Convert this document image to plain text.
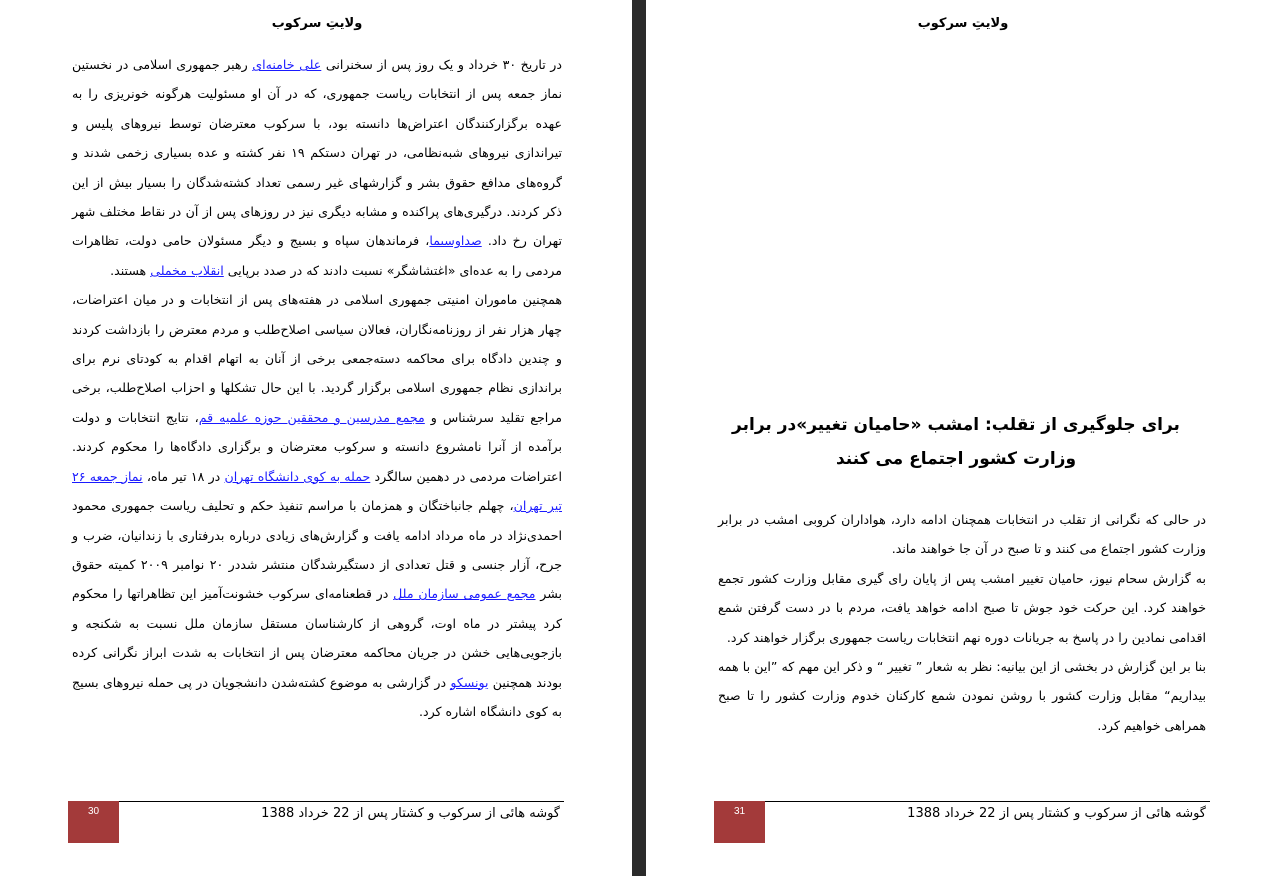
ولایتِ سرکوب

در تاریخ ۳۰ خرداد و یک روز پس از سخنرانی علی خامنه‌ای رهبر جمهوری اسلامی در نخستین نماز جمعه پس از انتخابات ریاست جمهوری، که در آن او مسئولیت هرگونه خونریزی را به عهده برگزارکنندگان اعتراض‌ها دانسته بود، با سرکوب معترضان توسط نیروهای پلیس و تیراندازی نیروهای شبه‌نظامی، در تهران دستکم ۱۹ نفر کشته و عده بسیاری زخمی شدند و گروه‌های مدافع حقوق بشر و گزارشهای غیر رسمی تعداد کشته‌شدگان را بسیار بیش از این ذکر کردند. درگیری‌های پراکنده و مشابه دیگری نیز در روزهای پس از آن در نقاط مختلف شهر تهران رخ داد. صداوسیما، فرماندهان سپاه و بسیج و دیگر مسئولان حامی دولت، تظاهرات مردمی را به عده‌ای «اغتشاشگر» نسبت دادند که در صدد برپایی انقلاب مخملی هستند.

همچنین ماموران امنیتی جمهوری اسلامی در هفته‌های پس از انتخابات و در میان اعتراضات، چهار هزار نفر از روزنامه‌نگاران، فعالان سیاسی اصلاح‌طلب و مردم معترض را بازداشت کردند و چندین دادگاه برای محاکمه دسته‌جمعی برخی از آنان به اتهام اقدام به کودتای نرم برای براندازی نظام جمهوری اسلامی برگزار گردید. با این حال تشکلها و احزاب اصلاح‌طلب، برخی مراجع تقلید سرشناس و مجمع مدرسین و محققین حوزه علمیه قم، نتایج انتخابات و دولت برآمده از آنرا نامشروع دانسته و سرکوب معترضان و برگزاری دادگاه‌ها را محکوم کردند. اعتراضات مردمی در دهمین سالگرد حمله به کوی دانشگاه تهران در ۱۸ تیر ماه، نماز جمعه ۲۶ تیر تهران، چهلم جانباختگان و همزمان با مراسم تنفیذ حکم و تحلیف ریاست جمهوری محمود احمدی‌نژاد در ماه مرداد ادامه یافت و گزارش‌های زیادی درباره بدرفتاری با زندانیان، ضرب و جرح، آزار جنسی و قتل تعدادی از دستگیرشدگان منتشر شددر ۲۰ نوامبر ۲۰۰۹ کمیته حقوق بشر مجمع عمومی سازمان ملل در قطعنامه‌ای سرکوب خشونت‌آمیز این تظاهراتها را محکوم کرد پیشتر در ماه اوت، گروهی از کارشناسان مستقل سازمان ملل نسبت به شکنجه و بازجویی‌هایی خشن در جریان محاکمه معترضان پس از انتخابات به شدت ابراز نگرانی کرده بودند همچنین یونسکو در گزارشی به موضوع کشته‌شدن دانشجویان در پی حمله نیروهای بسیج به کوی دانشگاه اشاره کرد.

30	گوشه هائی از سرکوب و کشتار پس از 22 خرداد 1388
ولایتِ سرکوب
برای جلوگیری از تقلب: امشب «حامیان تغییر»در برابر وزارت کشور اجتماع می کنند

در حالی که نگرانی از تقلب در انتخابات همچنان ادامه دارد، هواداران کروبی امشب در برابر وزارت کشور اجتماع می کنند و تا صبح در آن جا خواهند ماند.

به گزارش سحام نیوز، حامیان تغییر امشب پس از پایان رای گیری مقابل وزارت کشور تجمع خواهند کرد. این حرکت خود جوش تا صبح ادامه خواهد یافت، مردم با در دست گرفتن شمع اقدامی نمادین را در پاسخ به جریانات دوره نهم انتخابات ریاست جمهوری برگزار خواهند کرد.

بنا بر این گزارش در بخشی از این بیانیه: نظر به شعار ” تغییر “ و ذکر این مهم که ”این با همه بیداریم“ مقابل وزارت کشور با روشن نمودن شمع کارکنان خدوم وزارت کشور را تا صبح همراهی خواهیم کرد.

31	گوشه هائی از سرکوب و کشتار پس از 22 خرداد 1388
